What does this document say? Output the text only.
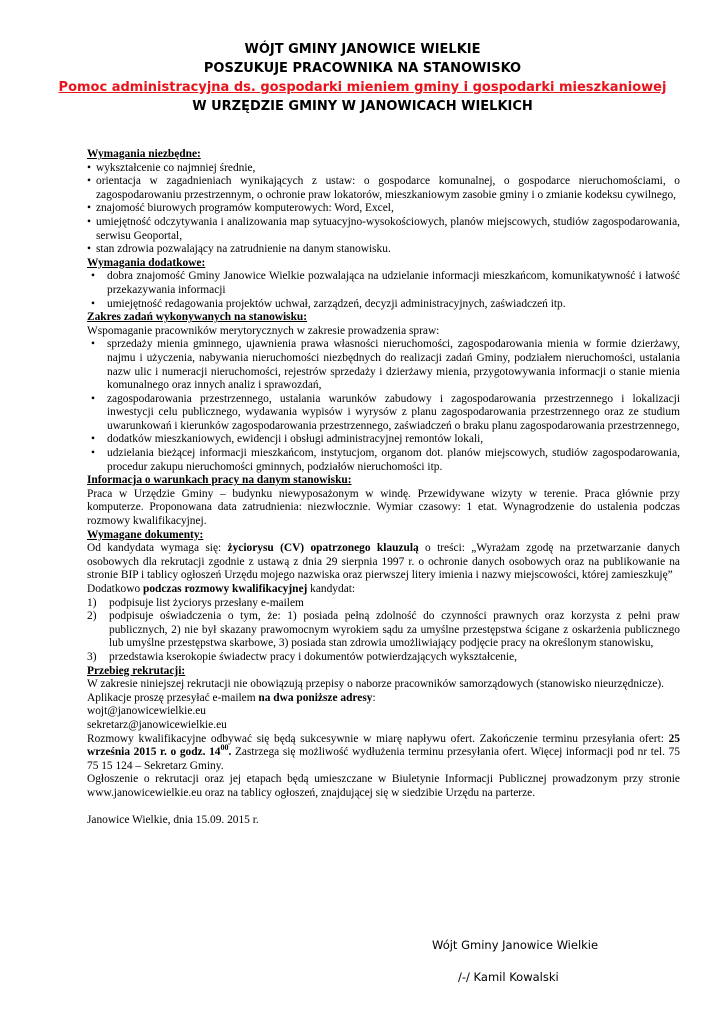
WÓJT GMINY JANOWICE WIELKIE
POSZUKUJE PRACOWNIKA NA STANOWISKO
Pomoc administracyjna ds. gospodarki mieniem gminy i gospodarki mieszkaniowej
W URZĘDZIE GMINY W JANOWICACH WIELKICH

Wymagania niezbędne:

• wykształcenie co najmniej średnie,

• orientacja w zagadnieniach wynikających z ustaw: o gospodarce komunalnej, o gospodarce nieruchomościami, o zagospodarowaniu przestrzennym, o ochronie praw lokatorów, mieszkaniowym zasobie gminy i o zmianie kodeksu cywilnego,

• znajomość biurowych programów komputerowych: Word, Excel,

• umiejętność odczytywania i analizowania map sytuacyjno-wysokościowych, planów miejscowych, studiów zagospodarowania, serwisu Geoportal,

• stan zdrowia pozwalający na zatrudnienie na danym stanowisku.

Wymagania dodatkowe:

• dobra znajomość Gminy Janowice Wielkie pozwalająca na udzielanie informacji mieszkańcom, komunikatywność i łatwość przekazywania informacji

• umiejętność redagowania projektów uchwał, zarządzeń, decyzji administracyjnych, zaświadczeń itp.

Zakres zadań wykonywanych na stanowisku:

Wspomaganie pracowników merytorycznych w zakresie prowadzenia spraw:

• sprzedaży mienia gminnego, ujawnienia prawa własności nieruchomości, zagospodarowania mienia w formie dzierżawy, najmu i użyczenia, nabywania nieruchomości niezbędnych do realizacji zadań Gminy, podziałem nieruchomości, ustalania nazw ulic i numeracji nieruchomości, rejestrów sprzedaży i dzierżawy mienia, przygotowywania informacji o stanie mienia komunalnego oraz innych analiz i sprawozdań,

• zagospodarowania przestrzennego, ustalania warunków zabudowy i zagospodarowania przestrzennego i lokalizacji inwestycji celu publicznego, wydawania wypisów i wyrysów z planu zagospodarowania przestrzennego oraz ze studium uwarunkowań i kierunków zagospodarowania przestrzennego, zaświadczeń o braku planu zagospodarowania przestrzennego,

• dodatków mieszkaniowych, ewidencji i obsługi administracyjnej remontów lokali,

• udzielania bieżącej informacji mieszkańcom, instytucjom, organom dot. planów miejscowych, studiów zagospodarowania, procedur zakupu nieruchomości gminnych, podziałów nieruchomości itp.

Informacja o warunkach pracy na danym stanowisku:

Praca w Urzędzie Gminy – budynku niewyposażonym w windę. Przewidywane wizyty w terenie. Praca głównie przy komputerze. Proponowana data zatrudnienia: niezwłocznie. Wymiar czasowy: 1 etat. Wynagrodzenie do ustalenia podczas rozmowy kwalifikacyjnej.

Wymagane dokumenty:

Od kandydata wymaga się: życiorysu (CV) opatrzonego klauzulą o treści: „Wyrażam zgodę na przetwarzanie danych osobowych dla rekrutacji zgodnie z ustawą z dnia 29 sierpnia 1997 r. o ochronie danych osobowych oraz na publikowanie na stronie BIP i tablicy ogłoszeń Urzędu mojego nazwiska oraz pierwszej litery imienia i nazwy miejscowości, której zamieszkuję”

Dodatkowo podczas rozmowy kwalifikacyjnej kandydat:

1) podpisuje list życiorys przesłany e-mailem

2) podpisuje oświadczenia o tym, że: 1) posiada pełną zdolność do czynności prawnych oraz korzysta z pełni praw publicznych, 2) nie był skazany prawomocnym wyrokiem sądu za umyślne przestępstwa ścigane z oskarżenia publicznego lub umyślne przestępstwa skarbowe, 3) posiada stan zdrowia umożliwiający podjęcie pracy na określonym stanowisku,

3) przedstawia kserokopie świadectw pracy i dokumentów potwierdzających wykształcenie,

Przebieg rekrutacji:

W zakresie niniejszej rekrutacji nie obowiązują przepisy o naborze pracowników samorządowych (stanowisko nieurzędnicze).

Aplikacje proszę przesyłać e-mailem na dwa poniższe adresy:

wojt@janowicewielkie.eu

sekretarz@janowicewielkie.eu

Rozmowy kwalifikacyjne odbywać się będą sukcesywnie w miarę napływu ofert. Zakończenie terminu przesyłania ofert: 25 września 2015 r. o godz. $14^{00}$. Zastrzega się możliwość wydłużenia terminu przesyłania ofert. Więcej informacji pod nr tel. 75 75 15 124 – Sekretarz Gminy.

Ogłoszenie o rekrutacji oraz jej etapach będą umieszczane w Biuletynie Informacji Publicznej prowadzonym przy stronie www.janowicewielkie.eu oraz na tablicy ogłoszeń, znajdującej się w siedzibie Urzędu na parterze.

Janowice Wielkie, dnia 15.09. 2015 r.

Wójt Gminy Janowice Wielkie
/-/ Kamil Kowalski
